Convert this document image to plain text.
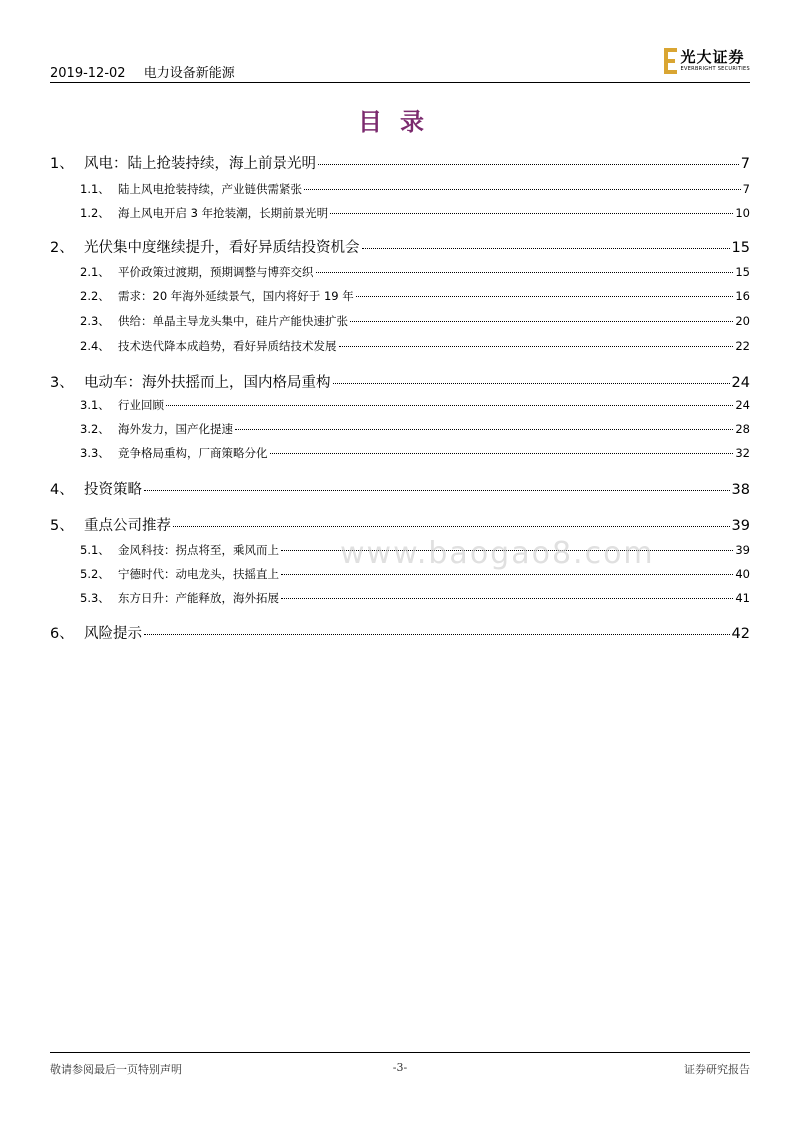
2019-12-02 电力设备新能源
光大证券
EVERBRIGHT SECURITIES
目录
1、 风电：陆上抢装持续，海上前景光明	7
1.1、 陆上风电抢装持续，产业链供需紧张	7
1.2、 海上风电开启 3 年抢装潮，长期前景光明	10
2、 光伏集中度继续提升，看好异质结投资机会	15
2.1、 平价政策过渡期，预期调整与博弈交织	15
2.2、 需求：20 年海外延续景气，国内将好于 19 年	16
2.3、 供给：单晶主导龙头集中，硅片产能快速扩张	20
2.4、 技术迭代降本成趋势，看好异质结技术发展	22
3、 电动车：海外扶摇而上，国内格局重构	24
3.1、 行业回顾	24
3.2、 海外发力，国产化提速	28
3.3、 竞争格局重构，厂商策略分化	32
4、 投资策略	38
5、 重点公司推荐	39
5.1、 金风科技：拐点将至，乘风而上	39
5.2、 宁德时代：动电龙头，扶摇直上	40
5.3、 东方日升：产能释放，海外拓展	41
6、 风险提示	42
www.baogao8.com
敬请参阅最后一页特别声明	-3-	证券研究报告
